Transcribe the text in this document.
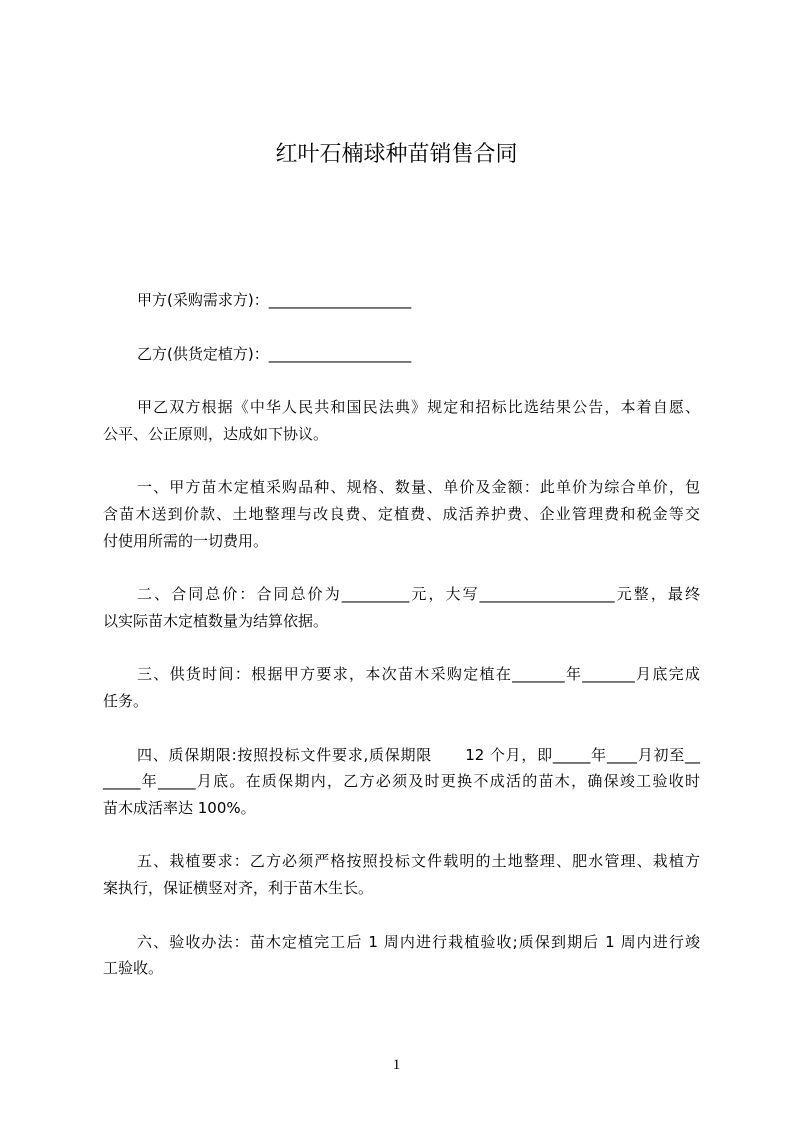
红叶石楠球种苗销售合同
甲方(采购需求方)：___________________
乙方(供货定植方)：___________________
甲乙双方根据《中华人民共和国民法典》规定和招标比选结果公告，本着自愿、
公平、公正原则，达成如下协议。
一、甲方苗木定植采购品种、规格、数量、单价及金额：此单价为综合单价，包
含苗木送到价款、土地整理与改良费、定植费、成活养护费、企业管理费和税金等交
付使用所需的一切费用。
二、合同总价：合同总价为_________元，大写__________________元整，最终
以实际苗木定植数量为结算依据。
三、供货时间：根据甲方要求，本次苗木采购定植在_______年_______月底完成
任务。
四、质保期限:按照投标文件要求,质保期限      12 个月，即_____年____月初至__
_____年_____月底。在质保期内，乙方必须及时更换不成活的苗木，确保竣工验收时
苗木成活率达 100%。
五、栽植要求：乙方必须严格按照投标文件载明的土地整理、肥水管理、栽植方
案执行，保证横竖对齐，利于苗木生长。
六、验收办法：苗木定植完工后 1 周内进行栽植验收;质保到期后 1 周内进行竣
工验收。
1
